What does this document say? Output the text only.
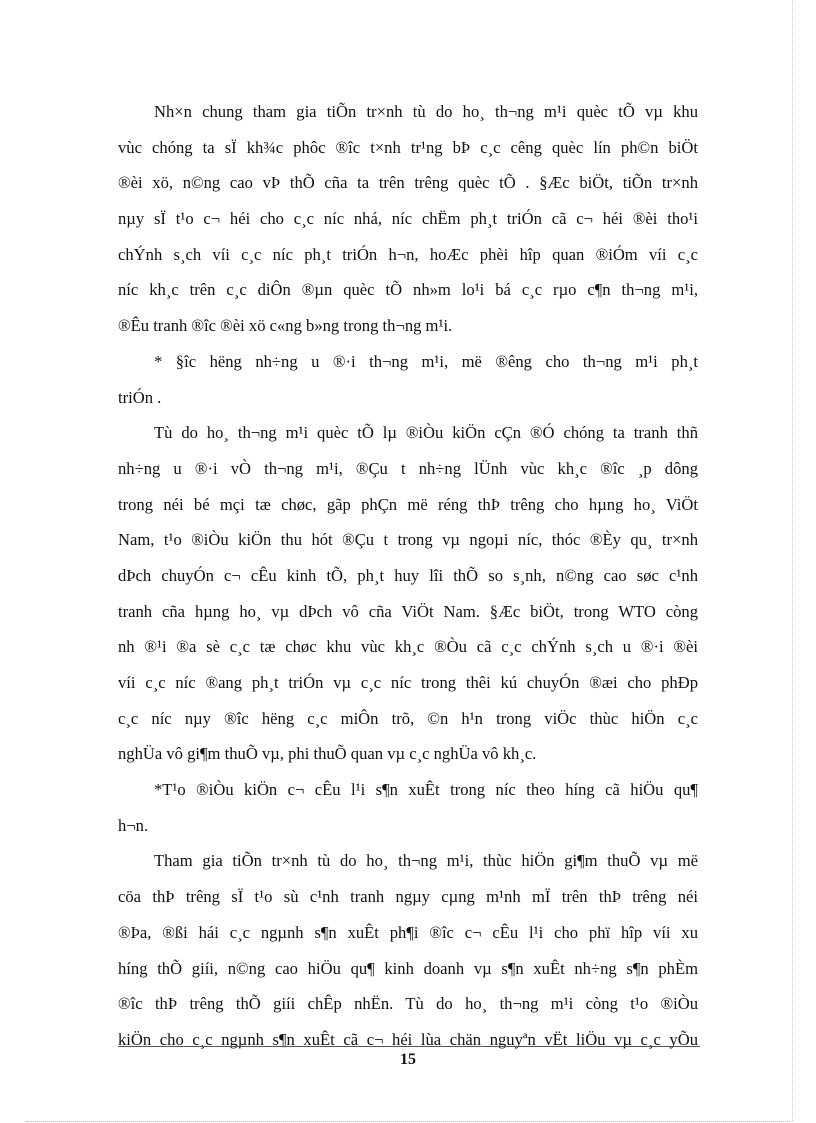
Nh×n chung tham gia tiÕn tr×nh tù do ho¸ th¬ng m¹i quèc tÕ vµ khu
vùc chóng ta sÏ kh¾c phôc ®îc t×nh tr¹ng bÞ c¸c cêng quèc lín ph©n biÖt
®èi xö, n©ng cao vÞ thÕ cña ta trên trêng quèc tÕ . §Æc biÖt, tiÕn tr×nh
nµy sÏ t¹o c¬ héi cho c¸c níc nhá, níc chËm ph¸t triÓn cã c¬ héi ®èi tho¹i
chÝnh s¸ch víi c¸c níc ph¸t triÓn h¬n, hoÆc phèi hîp quan ®iÓm víi c¸c
níc kh¸c trên c¸c diÔn ®µn quèc tÕ nh»m lo¹i bá c¸c rµo c¶n th¬ng m¹i,
®Êu tranh ®îc ®èi xö c«ng b»ng trong th¬ng m¹i.
* §îc hëng nh÷ng u ®·i th¬ng m¹i, më ®êng cho th¬ng m¹i ph¸t
triÓn .
Tù do ho¸ th¬ng m¹i quèc tÕ lµ ®iÒu kiÖn cÇn ®Ó chóng ta tranh thñ
nh÷ng u ®·i vÒ th¬ng m¹i, ®Çu t nh÷ng lÜnh vùc kh¸c ®îc ¸p dông
trong néi bé mçi tæ chøc, gãp phÇn më réng thÞ trêng cho hµng ho¸ ViÖt
Nam, t¹o ®iÒu kiÖn thu hót ®Çu t trong vµ ngoµi níc, thóc ®Èy qu¸ tr×nh
dÞch chuyÓn c¬ cÊu kinh tÕ, ph¸t huy lîi thÕ so s¸nh, n©ng cao søc c¹nh
tranh cña hµng ho¸ vµ dÞch vô cña ViÖt Nam. §Æc biÖt, trong WTO còng
nh ®¹i ®a sè c¸c tæ chøc khu vùc kh¸c ®Òu cã c¸c chÝnh s¸ch u ®·i ®èi
víi c¸c níc ®ang ph¸t triÓn vµ c¸c níc trong thêi kú chuyÓn ®æi cho phÐp
c¸c níc nµy ®îc hëng c¸c miÔn trõ, ©n h¹n trong viÖc thùc hiÖn c¸c
nghÜa vô gi¶m thuÕ vµ, phi thuÕ quan vµ c¸c nghÜa vô kh¸c.
*T¹o ®iÒu kiÖn c¬ cÊu l¹i s¶n xuÊt trong níc theo híng cã hiÖu qu¶
h¬n.
Tham gia tiÕn tr×nh tù do ho¸ th¬ng m¹i, thùc hiÖn gi¶m thuÕ vµ më
cöa thÞ trêng sÏ t¹o sù c¹nh tranh ngµy cµng m¹nh mÏ trên thÞ trêng néi
®Þa, ®ßi hái c¸c ngµnh s¶n xuÊt ph¶i ®îc c¬ cÊu l¹i cho phï hîp víi xu
híng thÕ giíi, n©ng cao hiÖu qu¶ kinh doanh vµ s¶n xuÊt nh÷ng s¶n phÈm
®îc thÞ trêng thÕ giíi chÊp nhËn. Tù do ho¸ th¬ng m¹i còng t¹o ®iÒu
kiÖn cho c¸c ngµnh s¶n xuÊt cã c¬ héi lùa chän nguyªn vËt liÖu vµ c¸c yÕu
15
